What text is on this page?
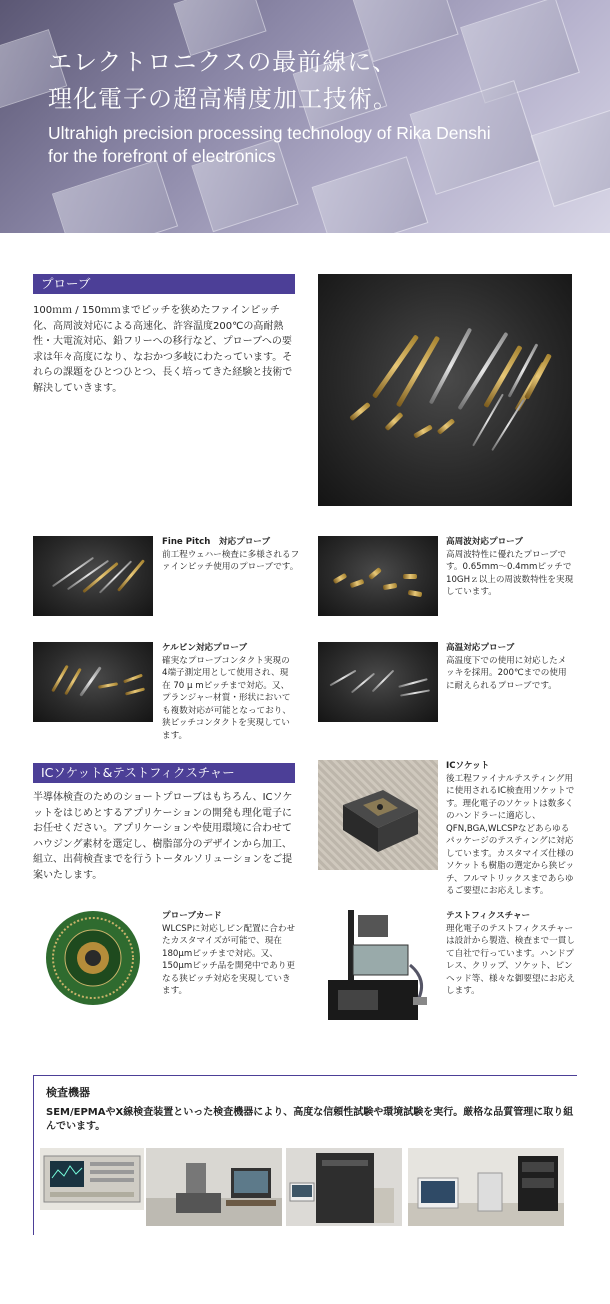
エレクトロニクスの最前線に、
理化電子の超高精度加工技術。
Ultrahigh precision processing technology of Rika Denshi
for the forefront of electronics
プローブ
100ｍｍ / 150ｍｍまでピッチを狭めたファインピッチ化、高周波対応による高速化、許容温度200℃の高耐熱性・大電流対応、鉛フリーへの移行など、プローブへの要求は年々高度になり、なおかつ多岐にわたっています。それらの課題をひとつひとつ、長く培ってきた経験と技術で解決していきます。
Fine Pitch　対応プローブ
前工程ウェハー検査に多様されるファインピッチ使用のプローブです。
高周波対応プローブ
高周波特性に優れたプローブです。0.65mm〜0.4mmピッチで10GHｚ以上の周波数特性を実現しています。
ケルビン対応プローブ
確実なプローブコンタクト実現の4端子測定用として使用され、現在 70 μ mピッチまで対応。又、プランジャー材質・形状においても複数対応が可能となっており、狭ピッチコンタクトを実現しています。
高温対応プローブ
高温度下での使用に対応したメッキを採用。200℃までの使用に耐えられるプローブです。
ICソケット&テストフィクスチャー
半導体検査のためのショートプローブはもちろん、ICソケットをはじめとするアプリケーションの開発も理化電子にお任せください。アプリケーションや使用環境に合わせてハウジング素材を選定し、樹脂部分のデザインから加工、組立、出荷検査までを行うトータルソリューションをご提案いたします。
ICソケット
後工程ファイナルテスティング用に使用されるIC検査用ソケットです。理化電子のソケットは数多くのハンドラーに適応し、QFN,BGA,WLCSPなどあらゆるパッケージのテスティングに対応しています。カスタマイズ仕様のソケットも樹脂の選定から狭ピッチ、フルマトリックスまであらゆるご要望にお応えします。
プローブカード
WLCSPに対応しピン配置に合わせたカスタマイズが可能で、現在180μmピッチまで対応。又、150μmピッチ品を開発中であり更なる狭ピッチ対応を実現していきます。
テストフィクスチャー
理化電子のテストフィクスチャーは設計から製造、検査まで一貫して自社で行っています。ハンドプレス、クリップ、ソケット、ピンヘッド等、様々な御要望にお応えします。
検査機器
SEM/EPMAやX線検査装置といった検査機器により、高度な信頼性試験や環境試験を実行。厳格な品質管理に取り組んでいます。
